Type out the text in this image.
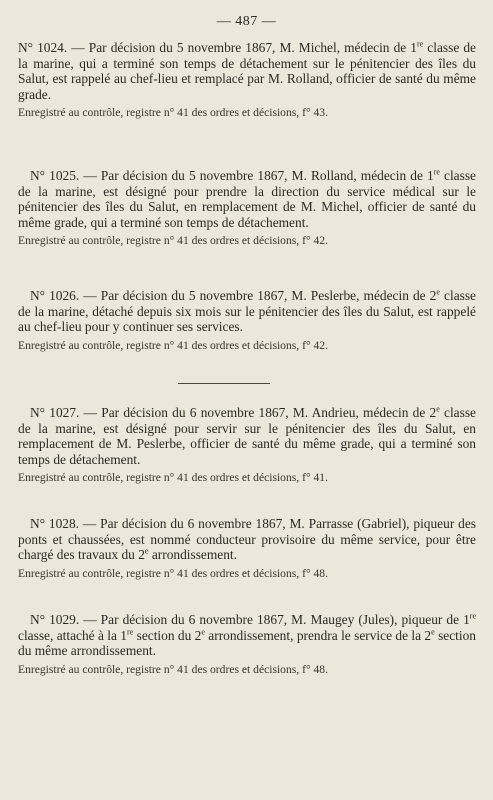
— 487 —

N° 1024. — Par décision du 5 novembre 1867, M. Michel, médecin de 1re classe de la marine, qui a terminé son temps de détachement sur le pénitencier des îles du Salut, est rappelé au chef-lieu et remplacé par M. Rolland, officier de santé du même grade.

Enregistré au contrôle, registre n° 41 des ordres et décisions, f° 43.

N° 1025. — Par décision du 5 novembre 1867, M. Rolland, médecin de 1re classe de la marine, est désigné pour prendre la direction du service médical sur le pénitencier des îles du Salut, en remplacement de M. Michel, officier de santé du même grade, qui a terminé son temps de détachement.

Enregistré au contrôle, registre n° 41 des ordres et décisions, f° 42.

N° 1026. — Par décision du 5 novembre 1867, M. Peslerbe, médecin de 2e classe de la marine, détaché depuis six mois sur le pénitencier des îles du Salut, est rappelé au chef-lieu pour y continuer ses services.

Enregistré au contrôle, registre n° 41 des ordres et décisions, f° 42.

N° 1027. — Par décision du 6 novembre 1867, M. Andrieu, médecin de 2e classe de la marine, est désigné pour servir sur le pénitencier des îles du Salut, en remplacement de M. Peslerbe, officier de santé du même grade, qui a terminé son temps de détachement.

Enregistré au contrôle, registre n° 41 des ordres et décisions, f° 41.

N° 1028. — Par décision du 6 novembre 1867, M. Parrasse (Gabriel), piqueur des ponts et chaussées, est nommé conducteur provisoire du même service, pour être chargé des travaux du 2e arrondissement.

Enregistré au contrôle, registre n° 41 des ordres et décisions, f° 48.

N° 1029. — Par décision du 6 novembre 1867, M. Maugey (Jules), piqueur de 1re classe, attaché à la 1re section du 2e arrondissement, prendra le service de la 2e section du même arrondissement.

Enregistré au contrôle, registre n° 41 des ordres et décisions, f° 48.
